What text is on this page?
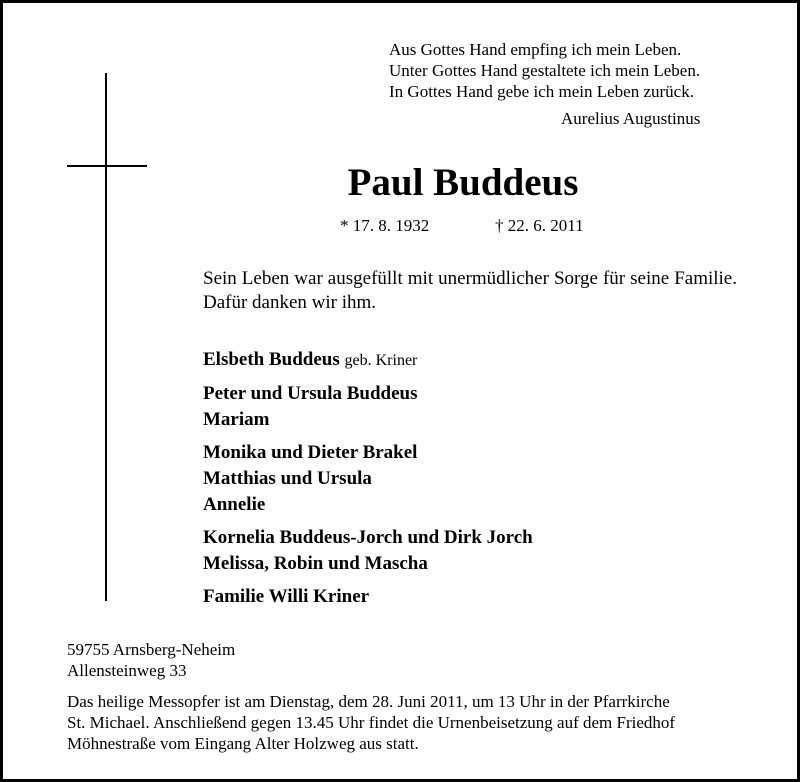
Aus Gottes Hand empfing ich mein Leben.
Unter Gottes Hand gestaltete ich mein Leben.
In Gottes Hand gebe ich mein Leben zurück.
Aurelius Augustinus
Paul Buddeus
* 17. 8. 1932	† 22. 6. 2011
Sein Leben war ausgefüllt mit unermüdlicher Sorge für seine Familie. Dafür danken wir ihm.
Elsbeth Buddeus geb. Kriner
Peter und Ursula Buddeus
Mariam
Monika und Dieter Brakel
Matthias und Ursula
Annelie
Kornelia Buddeus-Jorch und Dirk Jorch
Melissa, Robin und Mascha
Familie Willi Kriner
59755 Arnsberg-Neheim
Allensteinweg 33
Das heilige Messopfer ist am Dienstag, dem 28. Juni 2011, um 13 Uhr in der Pfarrkirche
St. Michael. Anschließend gegen 13.45 Uhr findet die Urnenbeisetzung auf dem Friedhof
Möhnestraße vom Eingang Alter Holzweg aus statt.
